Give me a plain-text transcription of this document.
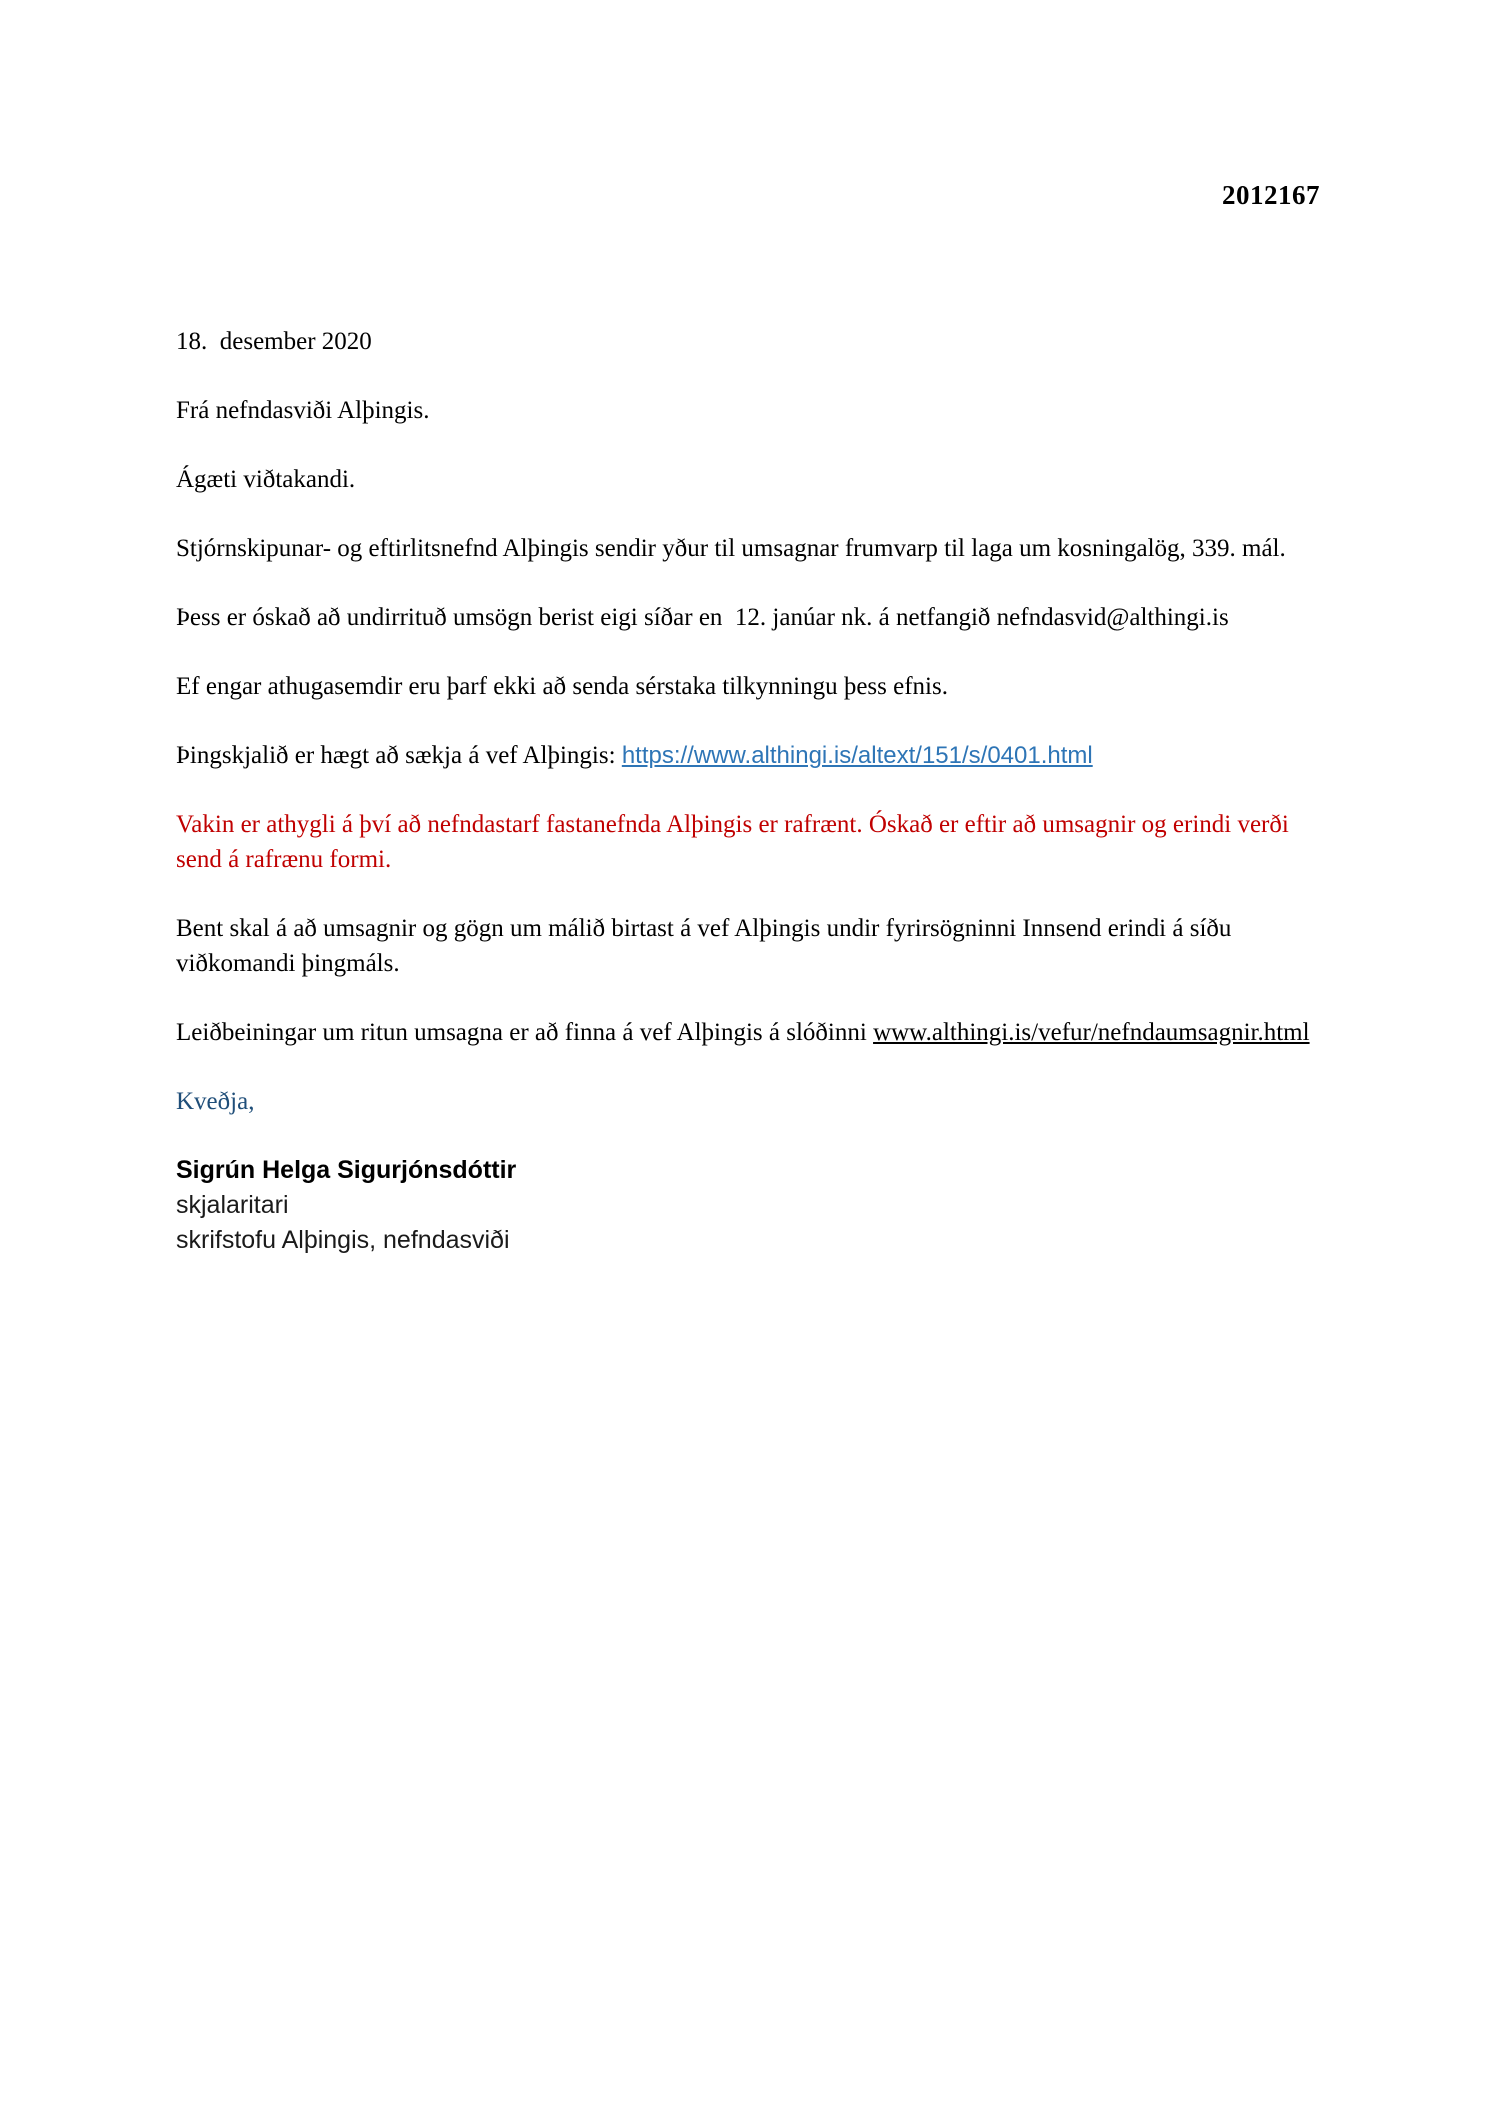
2012167

18.  desember 2020

Frá nefndasviði Alþingis.

Ágæti viðtakandi.

Stjórnskipunar- og eftirlitsnefnd Alþingis sendir yður til umsagnar frumvarp til laga um kosningalög, 339. mál.

Þess er óskað að undirrituð umsögn berist eigi síðar en  12. janúar nk. á netfangið nefndasvid@althingi.is

Ef engar athugasemdir eru þarf ekki að senda sérstaka tilkynningu þess efnis.

Þingskjalið er hægt að sækja á vef Alþingis: https://www.althingi.is/altext/151/s/0401.html

Vakin er athygli á því að nefndastarf fastanefnda Alþingis er rafrænt. Óskað er eftir að umsagnir og erindi verði send á rafrænu formi.

Bent skal á að umsagnir og gögn um málið birtast á vef Alþingis undir fyrirsögninni Innsend erindi á síðu viðkomandi þingmáls.

Leiðbeiningar um ritun umsagna er að finna á vef Alþingis á slóðinni www.althingi.is/vefur/nefndaumsagnir.html

Kveðja,

Sigrún Helga Sigurjónsdóttir
skjalaritari
skrifstofu Alþingis, nefndasviði
